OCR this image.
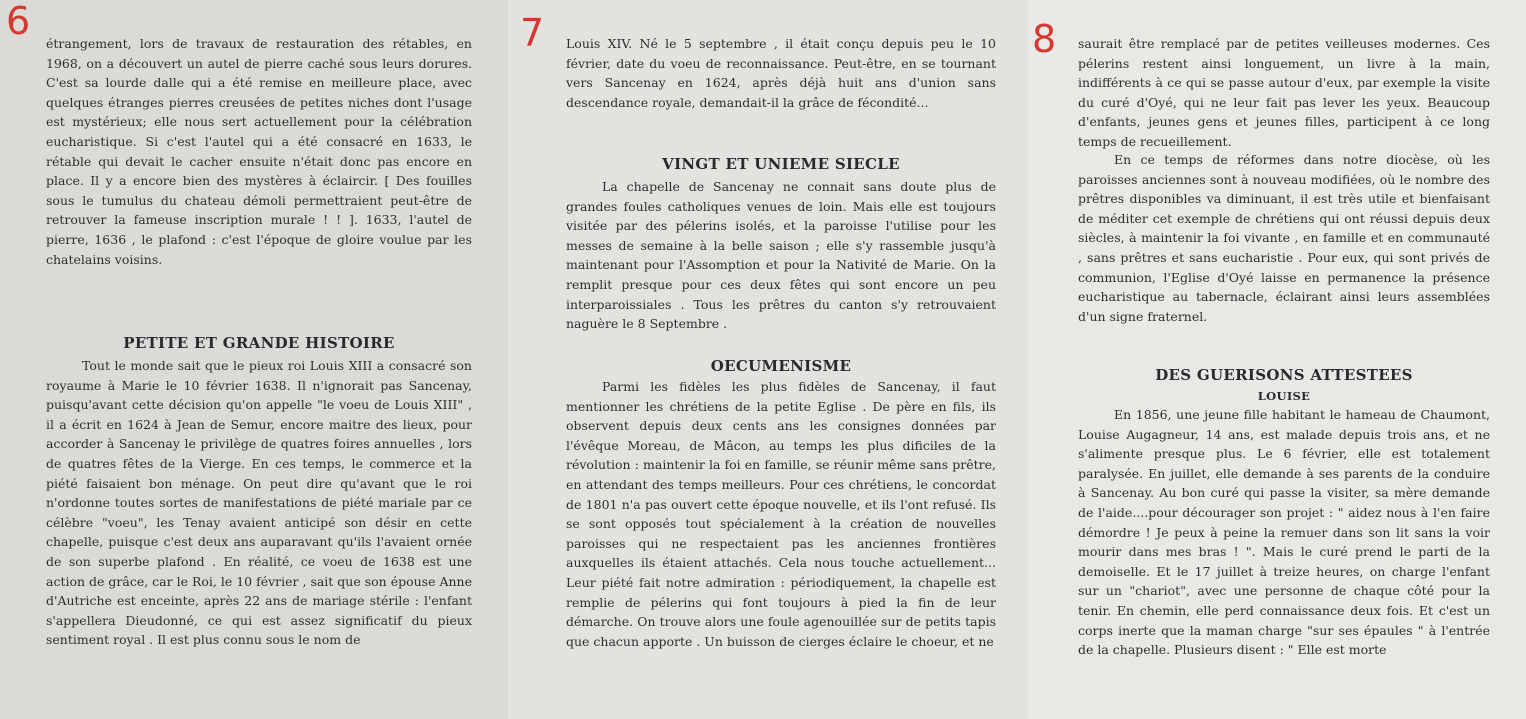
6

étrangement, lors de travaux de restauration des rétables, en 1968, on a découvert un autel de pierre caché sous leurs dorures. C'est sa lourde dalle qui a été remise en meilleure place, avec quelques étranges pierres creusées de petites niches dont l'usage est mystérieux; elle nous sert actuellement pour la célébration eucharistique. Si c'est l'autel qui a été consacré en 1633, le rétable qui devait le cacher ensuite n'était donc pas encore en place. Il y a encore bien des mystères à éclaircir. [ Des fouilles sous le tumulus du chateau démoli permettraient peut-être de retrouver la fameuse inscription murale ! ! ]. 1633, l'autel de pierre, 1636 , le plafond : c'est l'époque de gloire voulue par les chatelains voisins.

PETITE ET GRANDE HISTOIRE

Tout le monde sait que le pieux roi Louis XIII a consacré son royaume à Marie le 10 février 1638. Il n'ignorait pas Sancenay, puisqu'avant cette décision qu'on appelle "le voeu de Louis XIII" , il a écrit en 1624 à Jean de Semur, encore maitre des lieux, pour accorder à Sancenay le privilège de quatres foires annuelles , lors de quatres fêtes de la Vierge. En ces temps, le commerce et la piété faisaient bon ménage. On peut dire qu'avant que le roi n'ordonne toutes sortes de manifestations de piété mariale par ce célèbre "voeu", les Tenay avaient anticipé son désir en cette chapelle, puisque c'est deux ans auparavant qu'ils l'avaient ornée de son superbe plafond . En réalité, ce voeu de 1638 est une action de grâce, car le Roi, le 10 février , sait que son épouse Anne d'Autriche est enceinte, après 22 ans de mariage stérile : l'enfant s'appellera Dieudonné, ce qui est assez significatif du pieux sentiment royal . Il est plus connu sous le nom de

7 Louis XIV. Né le 5 septembre , il était conçu depuis peu le 10 février, date du voeu de reconnaissance. Peut-être, en se tournant vers Sancenay en 1624, après déjà huit ans d'union sans descendance royale, demandait-il la grâce de fécondité...

VINGT ET UNIEME SIECLE

La chapelle de Sancenay ne connait sans doute plus de grandes foules catholiques venues de loin. Mais elle est toujours visitée par des pélerins isolés, et la paroisse l'utilise pour les messes de semaine à la belle saison ; elle s'y rassemble jusqu'à maintenant pour l'Assomption et pour la Nativité de Marie. On la remplit presque pour ces deux fêtes qui sont encore un peu interparoissiales . Tous les prêtres du canton s'y retrouvaient naguère le 8 Septembre .

OECUMENISME

Parmi les fidèles les plus fidèles de Sancenay, il faut mentionner les chrétiens de la petite Eglise . De père en fils, ils observent depuis deux cents ans les consignes données par l'évêque Moreau, de Mâcon, au temps les plus dificiles de la révolution : maintenir la foi en famille, se réunir même sans prêtre, en attendant des temps meilleurs. Pour ces chrétiens, le concordat de 1801 n'a pas ouvert cette époque nouvelle, et ils l'ont refusé. Ils se sont opposés tout spécialement à la création de nouvelles paroisses qui ne respectaient pas les anciennes frontières auxquelles ils étaient attachés. Cela nous touche actuellement... Leur piété fait notre admiration : périodiquement, la chapelle est remplie de pélerins qui font toujours à pied la fin de leur démarche. On trouve alors une foule agenouillée sur de petits tapis que chacun apporte . Un buisson de cierges éclaire le choeur, et ne

8 saurait être remplacé par de petites veilleuses modernes. Ces pélerins restent ainsi longuement, un livre à la main, indifférents à ce qui se passe autour d'eux, par exemple la visite du curé d'Oyé, qui ne leur fait pas lever les yeux. Beaucoup d'enfants, jeunes gens et jeunes filles, participent à ce long temps de recueillement.

En ce temps de réformes dans notre diocèse, où les paroisses anciennes sont à nouveau modifiées, où le nombre des prêtres disponibles va diminuant, il est très utile et bienfaisant de méditer cet exemple de chrétiens qui ont réussi depuis deux siècles, à maintenir la foi vivante , en famille et en communauté , sans prêtres et sans eucharistie . Pour eux, qui sont privés de communion, l'Eglise d'Oyé laisse en permanence la présence eucharistique au tabernacle, éclairant ainsi leurs assemblées d'un signe fraternel.

DES GUERISONS ATTESTEES
LOUISE

En 1856, une jeune fille habitant le hameau de Chaumont, Louise Augagneur, 14 ans, est malade depuis trois ans, et ne s'alimente presque plus. Le 6 février, elle est totalement paralysée. En juillet, elle demande à ses parents de la conduire à Sancenay. Au bon curé qui passe la visiter, sa mère demande de l'aide....pour décourager son projet : " aidez nous à l'en faire démordre ! Je peux à peine la remuer dans son lit sans la voir mourir dans mes bras ! ". Mais le curé prend le parti de la demoiselle. Et le 17 juillet à treize heures, on charge l'enfant sur un "chariot", avec une personne de chaque côté pour la tenir. En chemin, elle perd connaissance deux fois. Et c'est un corps inerte que la maman charge "sur ses épaules " à l'entrée de la chapelle. Plusieurs disent : " Elle est morte
